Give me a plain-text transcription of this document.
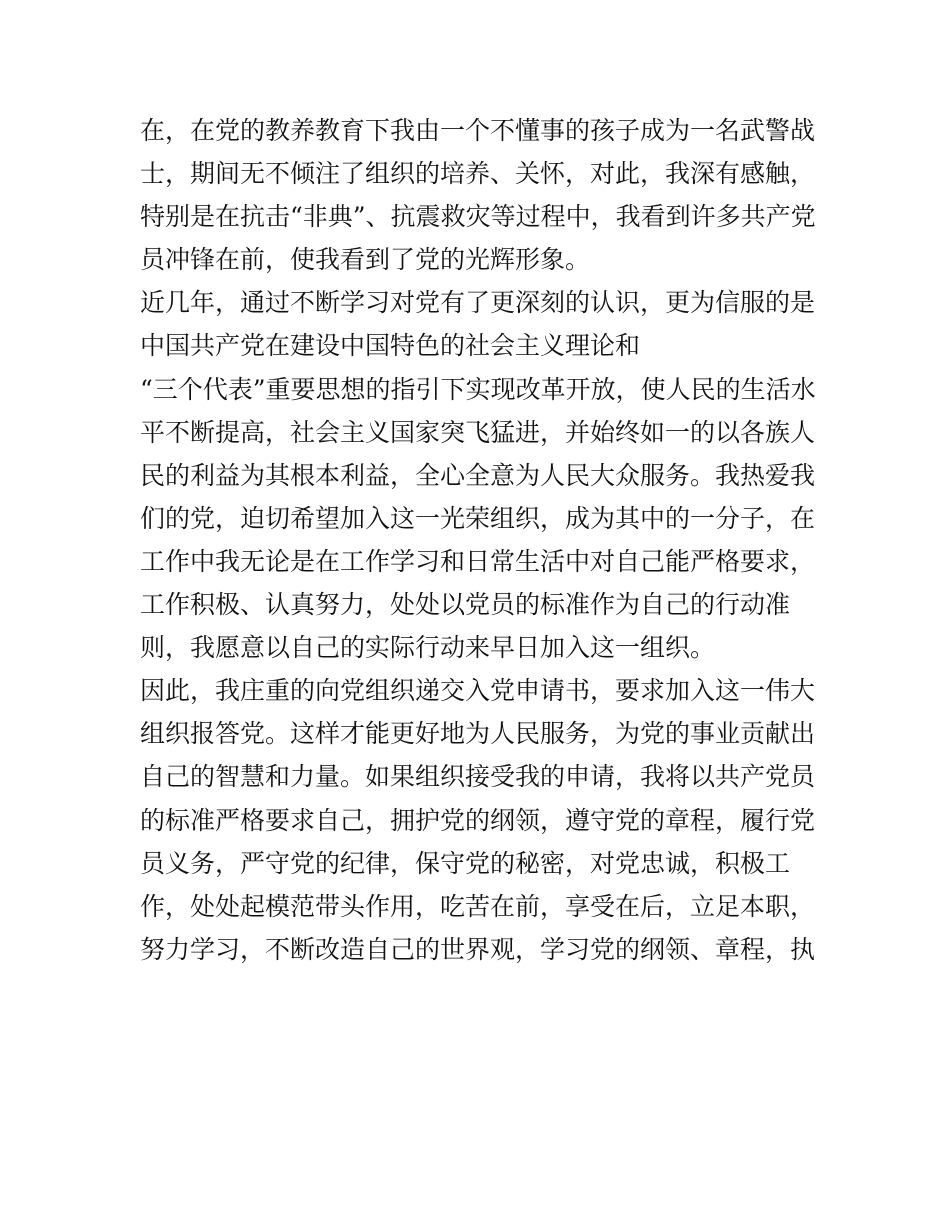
在，在党的教养教育下我由一个不懂事的孩子成为一名武警战
士，期间无不倾注了组织的培养、关怀，对此，我深有感触，
特别是在抗击“非典”、抗震救灾等过程中，我看到许多共产党
员冲锋在前，使我看到了党的光辉形象。
近几年，通过不断学习对党有了更深刻的认识，更为信服的是
中国共产党在建设中国特色的社会主义理论和
“三个代表”重要思想的指引下实现改革开放，使人民的生活水
平不断提高，社会主义国家突飞猛进，并始终如一的以各族人
民的利益为其根本利益，全心全意为人民大众服务。我热爱我
们的党，迫切希望加入这一光荣组织，成为其中的一分子，在
工作中我无论是在工作学习和日常生活中对自己能严格要求，
工作积极、认真努力，处处以党员的标准作为自己的行动准
则，我愿意以自己的实际行动来早日加入这一组织。
因此，我庄重的向党组织递交入党申请书，要求加入这一伟大
组织报答党。这样才能更好地为人民服务，为党的事业贡献出
自己的智慧和力量。如果组织接受我的申请，我将以共产党员
的标准严格要求自己，拥护党的纲领，遵守党的章程，履行党
员义务，严守党的纪律，保守党的秘密，对党忠诚，积极工
作，处处起模范带头作用，吃苦在前，享受在后，立足本职，
努力学习，不断改造自己的世界观，学习党的纲领、章程，执
